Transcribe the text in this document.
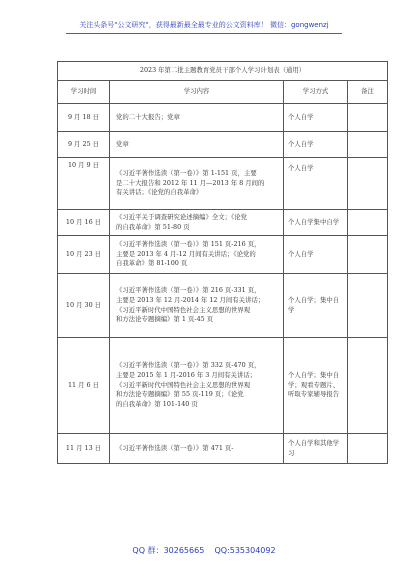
关注头条号"公文研究"，获得最新最全最专业的公文资料库！ 微信：gongwenzj
2023 年第二批主题教育党员干部个人学习计划表（通用）			
学习时间	学习内容	学习方式	备注
9 月 18 日	党的二十大报告；党章	个人自学	
9 月 25 日	党章	个人自学	
10 月 9 日	《习近平著作选读（第一卷）》第 1-151 页，主要
是二十大报告和 2012 年 11 月—2013 年 8 月间的
有关讲话；《论党的自我革命》	个人自学	
10 月 16 日	《习近平关于调查研究论述摘编》全文；《论党
的自我革命》第 51-80 页	个人自学集中自学	
10 月 23 日	《习近平著作选读（第一卷）》第 151 页-216 页，
主要是 2013 年 4 月-12 月间有关讲话；《论党的
自我革命》第 81-100 页	个人自学	
10 月 30 日	《习近平著作选读（第一卷）》第 216 页-331 页，
主要是 2013 年 12 月-2014 年 12 月间有关讲话；
《习近平新时代中国特色社会主义思想的世界观
和方法论专题摘编》第 1 页-45 页	个人自学；集中自学	
11 月 6 日	《习近平著作选读（第一卷）》第 332 页-470 页，
主要是 2015 年 1 月-2016 年 3 月间有关讲话；
《习近平新时代中国特色社会主义思想的世界观
和方法论专题摘编》第 55 页-119 页；《论党
的自我革命》第 101-140 页	个人自学；集中自学；观看专题片、听取专家辅导报告	
11 月 13 日	《习近平著作选读（第一卷）》第 471 页-	个人自学和其他学习	
QQ 群：30265665 QQ:535304092
